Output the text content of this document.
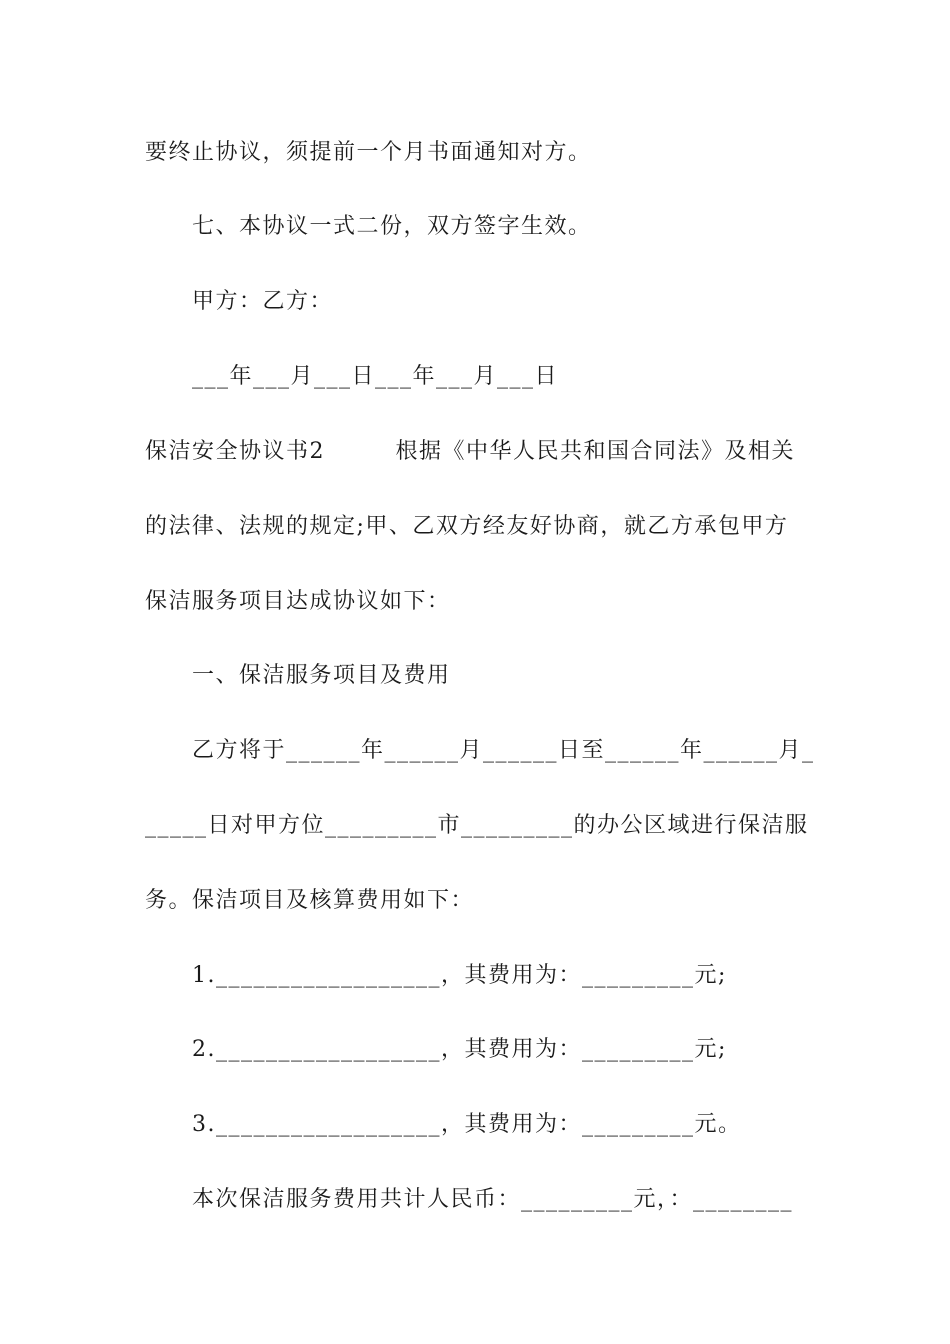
要终止协议，须提前一个月书面通知对方。
七、本协议一式二份，双方签字生效。
甲方：乙方：
___年___月___日___年___月___日
保洁安全协议书2　　　根据《中华人民共和国合同法》及相关
的法律、法规的规定;甲、乙双方经友好协商，就乙方承包甲方
保洁服务项目达成协议如下：
一、保洁服务项目及费用
乙方将于______年______月______日至______年______月_
_____日对甲方位_________市_________的办公区域进行保洁服
务。保洁项目及核算费用如下：
1.__________________，其费用为：_________元;
2.__________________，其费用为：_________元;
3.__________________，其费用为：_________元。
本次保洁服务费用共计人民币：_________元，：________
